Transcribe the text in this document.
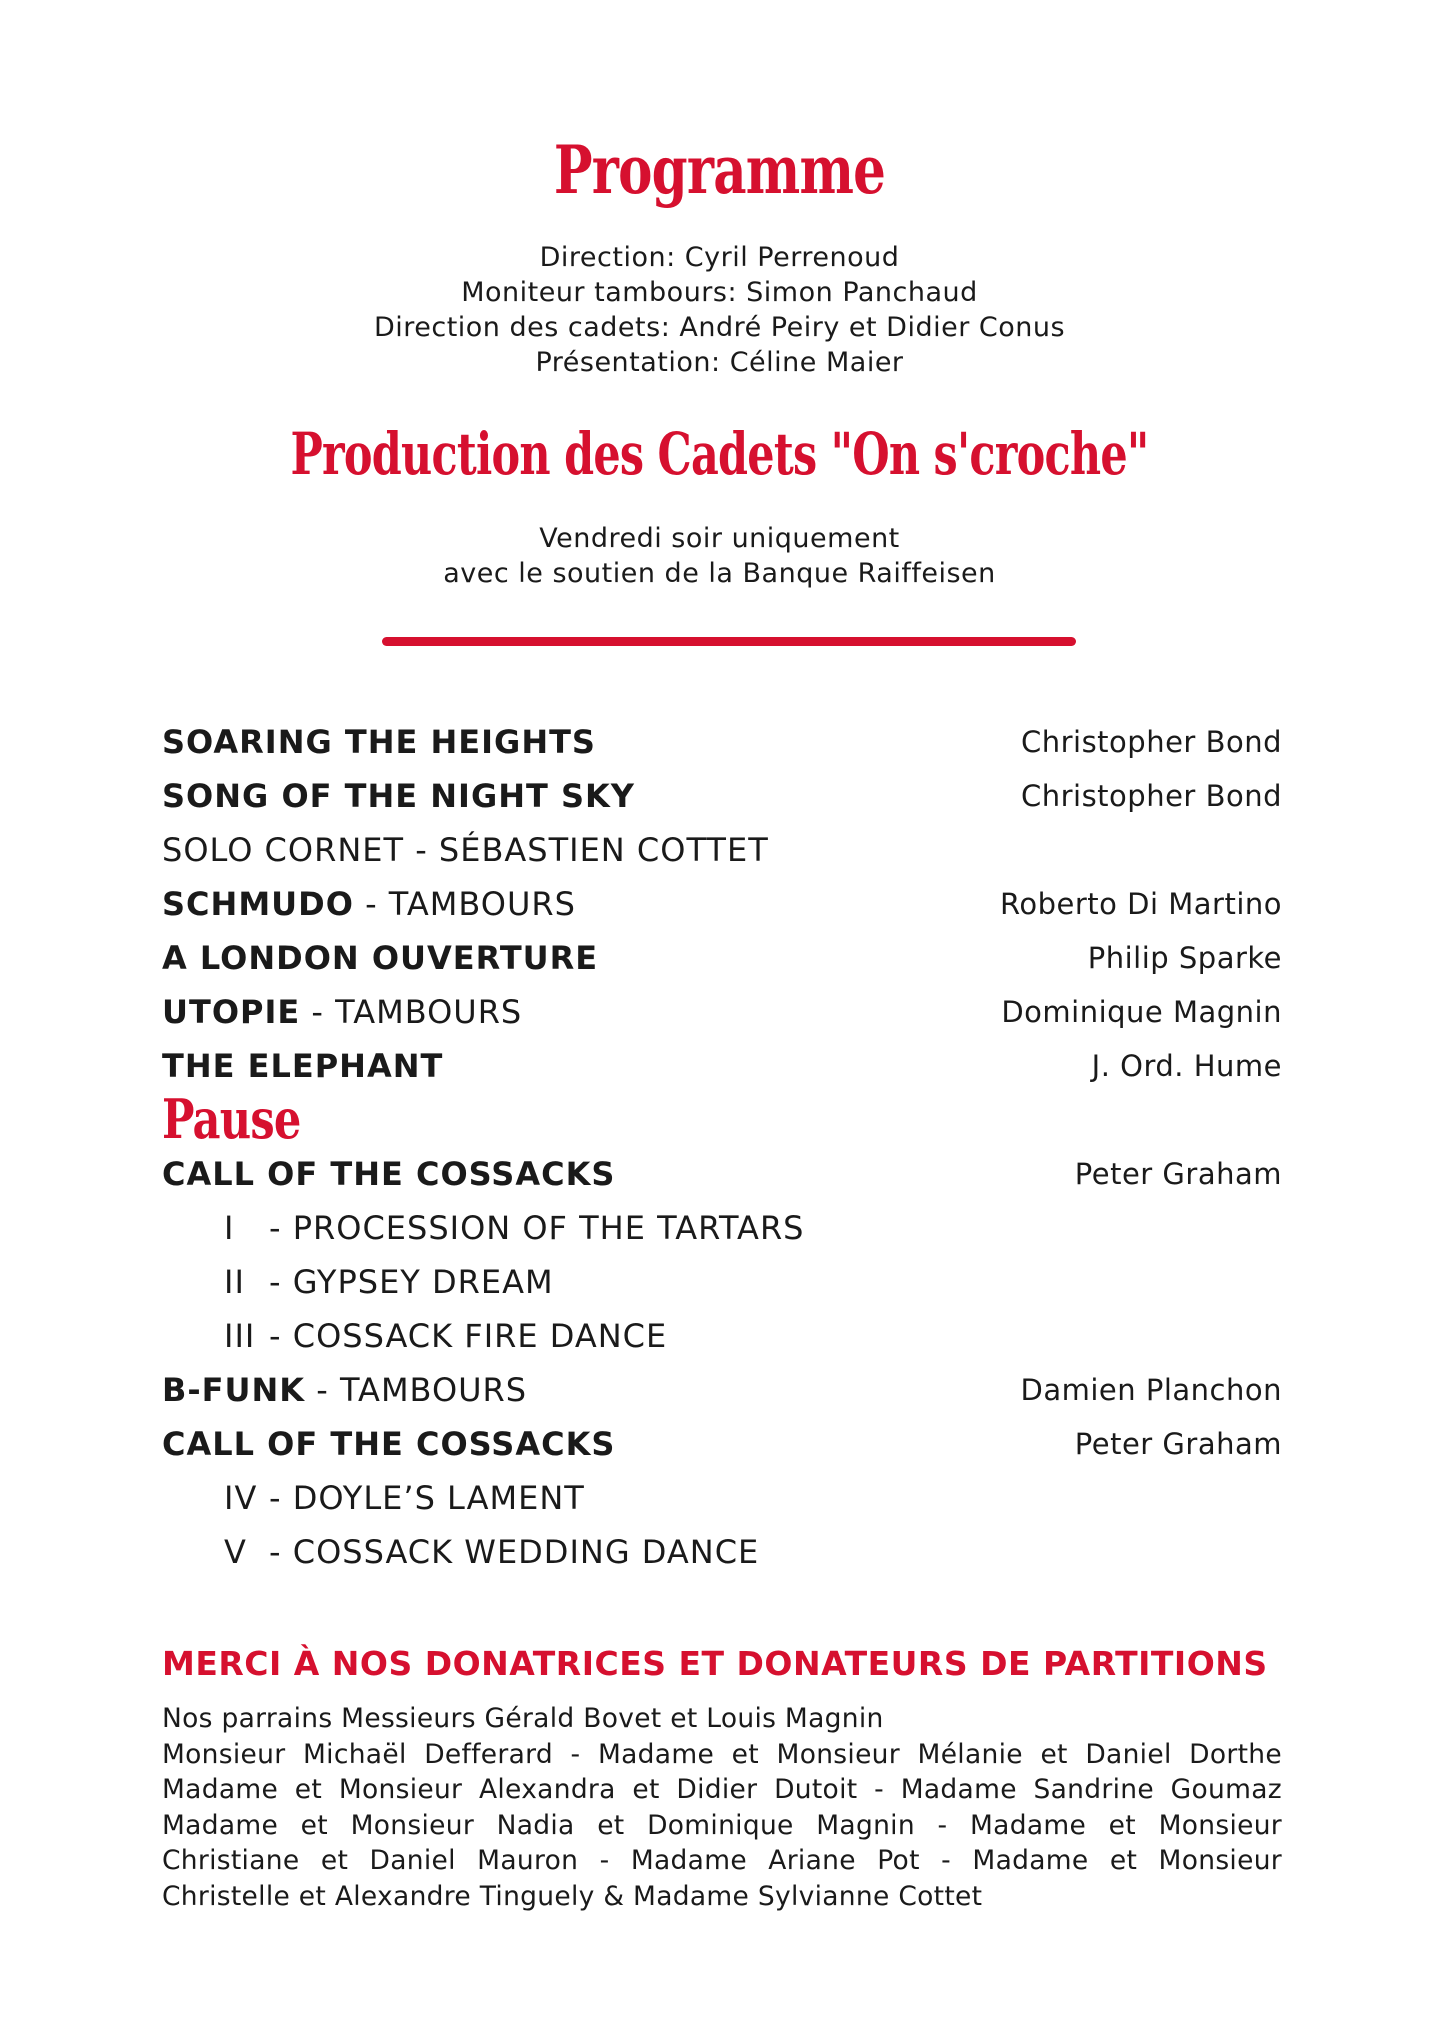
Programme
Direction: Cyril Perrenoud
Moniteur tambours: Simon Panchaud
Direction des cadets: André Peiry et Didier Conus
Présentation: Céline Maier
Production des Cadets "On s'croche"
Vendredi soir uniquement
avec le soutien de la Banque Raiffeisen
SOARING THE HEIGHTS	Christopher Bond
SONG OF THE NIGHT SKY	Christopher Bond
SOLO CORNET - SÉBASTIEN COTTET
SCHMUDO - TAMBOURS	Roberto Di Martino
A LONDON OUVERTURE	Philip Sparke
UTOPIE - TAMBOURS	Dominique Magnin
THE ELEPHANT	J. Ord. Hume
Pause
CALL OF THE COSSACKS	Peter Graham
I - PROCESSION OF THE TARTARS
II - GYPSEY DREAM
III - COSSACK FIRE DANCE
B-FUNK - TAMBOURS	Damien Planchon
CALL OF THE COSSACKS	Peter Graham
IV - DOYLE’S LAMENT
V - COSSACK WEDDING DANCE
MERCI À NOS DONATRICES ET DONATEURS DE PARTITIONS
Nos parrains Messieurs Gérald Bovet et Louis Magnin
Monsieur Michaël Defferard - Madame et Monsieur Mélanie et Daniel Dorthe
Madame et Monsieur Alexandra et Didier Dutoit - Madame Sandrine Goumaz
Madame et Monsieur Nadia et Dominique Magnin - Madame et Monsieur
Christiane et Daniel Mauron - Madame Ariane Pot - Madame et Monsieur
Christelle et Alexandre Tinguely & Madame Sylvianne Cottet
